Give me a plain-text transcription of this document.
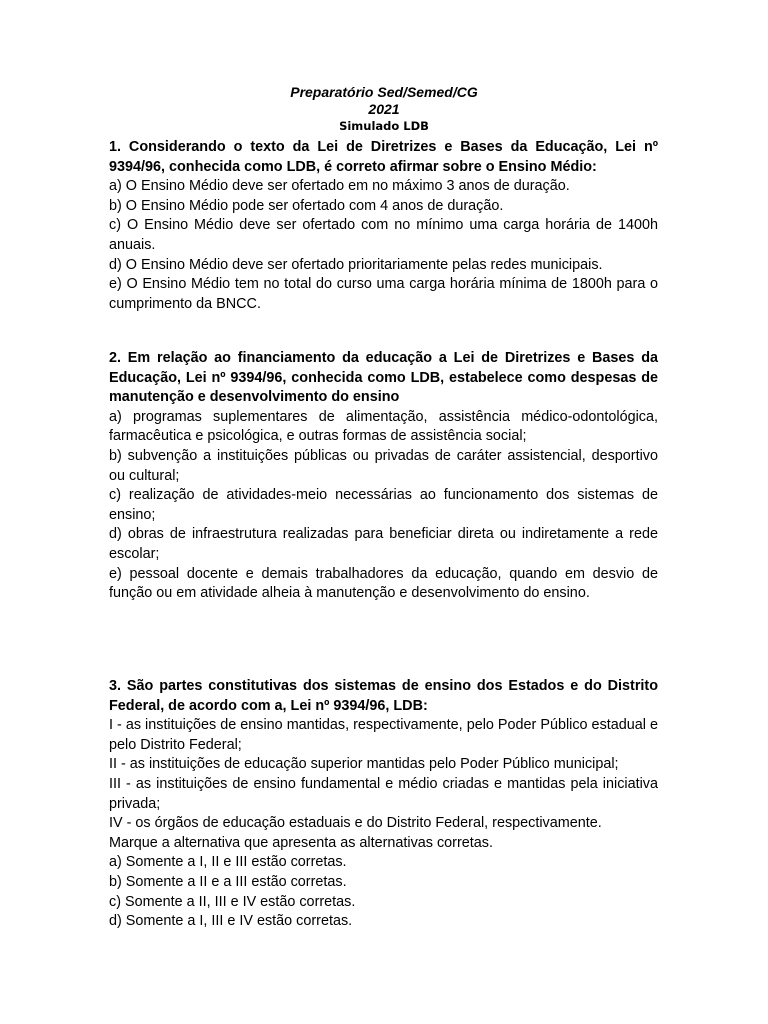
Preparatório Sed/Semed/CG
2021
Simulado LDB
1. Considerando o texto da Lei de Diretrizes e Bases da Educação, Lei nº 9394/96, conhecida como LDB, é correto afirmar sobre o Ensino Médio:
a) O Ensino Médio deve ser ofertado em no máximo 3 anos de duração.
b) O Ensino Médio pode ser ofertado com 4 anos de duração.
c) O Ensino Médio deve ser ofertado com no mínimo uma carga horária de 1400h anuais.
d) O Ensino Médio deve ser ofertado prioritariamente pelas redes municipais.
e) O Ensino Médio tem no total do curso uma carga horária mínima de 1800h para o cumprimento da BNCC.
2. Em relação ao financiamento da educação a Lei de Diretrizes e Bases da Educação, Lei nº 9394/96, conhecida como LDB, estabelece como despesas de manutenção e desenvolvimento do ensino
a) programas suplementares de alimentação, assistência médico-odontológica, farmacêutica e psicológica, e outras formas de assistência social;
b) subvenção a instituições públicas ou privadas de caráter assistencial, desportivo ou cultural;
c) realização de atividades-meio necessárias ao funcionamento dos sistemas de ensino;
d) obras de infraestrutura realizadas para beneficiar direta ou indiretamente a rede escolar;
e) pessoal docente e demais trabalhadores da educação, quando em desvio de função ou em atividade alheia à manutenção e desenvolvimento do ensino.
3. São partes constitutivas dos sistemas de ensino dos Estados e do Distrito Federal, de acordo com a, Lei nº 9394/96, LDB:
I - as instituições de ensino mantidas, respectivamente, pelo Poder Público estadual e pelo Distrito Federal;
II - as instituições de educação superior mantidas pelo Poder Público municipal;
III - as instituições de ensino fundamental e médio criadas e mantidas pela iniciativa privada;
IV - os órgãos de educação estaduais e do Distrito Federal, respectivamente.
Marque a alternativa que apresenta as alternativas corretas.
a) Somente a I, II e III estão corretas.
b) Somente a II e a III estão corretas.
c) Somente a II, III e IV estão corretas.
d) Somente a I, III e IV estão corretas.
